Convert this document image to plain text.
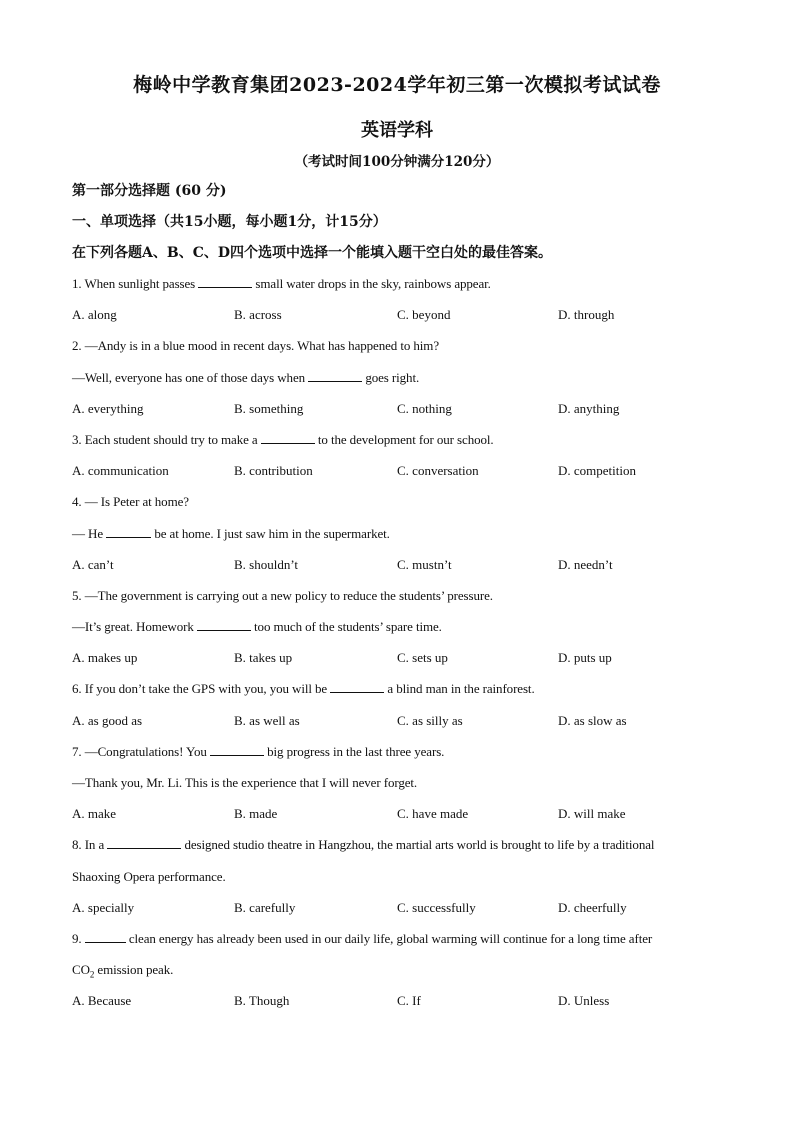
梅岭中学教育集团2023-2024学年初三第一次模拟考试试卷
英语学科
（考试时间100分钟满分120分）
第一部分选择题 (60 分)
一、单项选择（共15小题，每小题1分，计15分）
在下列各题A、B、C、D四个选项中选择一个能填入题干空白处的最佳答案。
1. When sunlight passes	small water drops in the sky, rainbows appear.
A. along	B. across	C. beyond	D. through
2. —Andy is in a blue mood in recent days. What has happened to him?
—Well, everyone has one of those days when	goes right.
A. everything	B. something	C. nothing	D. anything
3. Each student should try to make a	to the development for our school.
A. communication	B. contribution	C. conversation	D. competition
4. — Is Peter at home?
— He	be at home. I just saw him in the supermarket.
A. can’t	B. shouldn’t	C. mustn’t	D. needn’t
5. —The government is carrying out a new policy to reduce the students’ pressure.
—It’s great. Homework	too much of the students’ spare time.
A. makes up	B. takes up	C. sets up	D. puts up
6. If you don’t take the GPS with you, you will be	a blind man in the rainforest.
A. as good as	B. as well as	C. as silly as	D. as slow as
7. —Congratulations! You	big progress in the last three years.
—Thank you, Mr. Li. This is the experience that I will never forget.
A. make	B. made	C. have made	D. will make
8. In a	designed studio theatre in Hangzhou, the martial arts world is brought to life by a traditional
Shaoxing Opera performance.
A. specially	B. carefully	C. successfully	D. cheerfully
9.	clean energy has already been used in our daily life, global warming will continue for a long time after
$CO_2$ emission peak.
A. Because	B. Though	C. If	D. Unless
